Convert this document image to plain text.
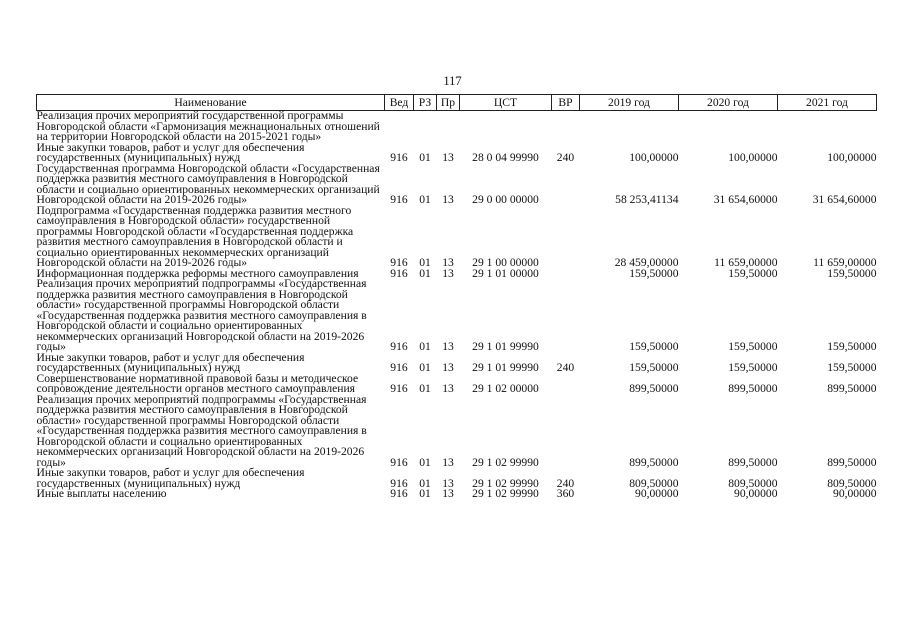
117
Наименование	Вед	РЗ	Пр	ЦСТ	ВР	2019 год	2020 год	2021 год
Реализация прочих мероприятий государственной программы Новгородской области «Гармонизация межнациональных отношений на территории Новгородской области на 2015-2021 годы»								
Иные закупки товаров, работ и услуг для обеспечения государственных (муниципальных) нужд	916	01	13	28 0 04 99990	240	100,00000	100,00000	100,00000
Государственная программа Новгородской области «Государственная поддержка развития местного самоуправления в Новгородской области и социально ориентированных некоммерческих организаций Новгородской области на 2019-2026 годы»	916	01	13	29 0 00 00000		58 253,41134	31 654,60000	31 654,60000
Подпрограмма «Государственная поддержка развития местного самоуправления в Новгородской области» государственной программы Новгородской области «Государственная поддержка развития местного самоуправления в Новгородской области и социально ориентированных некоммерческих организаций Новгородской области на 2019-2026 годы»	916	01	13	29 1 00 00000		28 459,00000	11 659,00000	11 659,00000
Информационная поддержка реформы местного самоуправления	916	01	13	29 1 01 00000		159,50000	159,50000	159,50000
Реализация прочих мероприятий подпрограммы «Государственная поддержка развития местного самоуправления в Новгородской области» государственной программы Новгородской области «Государственная поддержка развития местного самоуправления в Новгородской области и социально ориентированных некоммерческих организаций Новгородской области на 2019-2026 годы»	916	01	13	29 1 01 99990		159,50000	159,50000	159,50000
Иные закупки товаров, работ и услуг для обеспечения государственных (муниципальных) нужд	916	01	13	29 1 01 99990	240	159,50000	159,50000	159,50000
Совершенствование нормативной правовой базы и методическое сопровождение деятельности органов местного самоуправления	916	01	13	29 1 02 00000		899,50000	899,50000	899,50000
Реализация прочих мероприятий подпрограммы «Государственная поддержка развития местного самоуправления в Новгородской области» государственной программы Новгородской области «Государственная поддержка развития местного самоуправления в Новгородской области и социально ориентированных некоммерческих организаций Новгородской области на 2019-2026 годы»	916	01	13	29 1 02 99990		899,50000	899,50000	899,50000
Иные закупки товаров, работ и услуг для обеспечения государственных (муниципальных) нужд	916	01	13	29 1 02 99990	240	809,50000	809,50000	809,50000
Иные выплаты населению	916	01	13	29 1 02 99990	360	90,00000	90,00000	90,00000
